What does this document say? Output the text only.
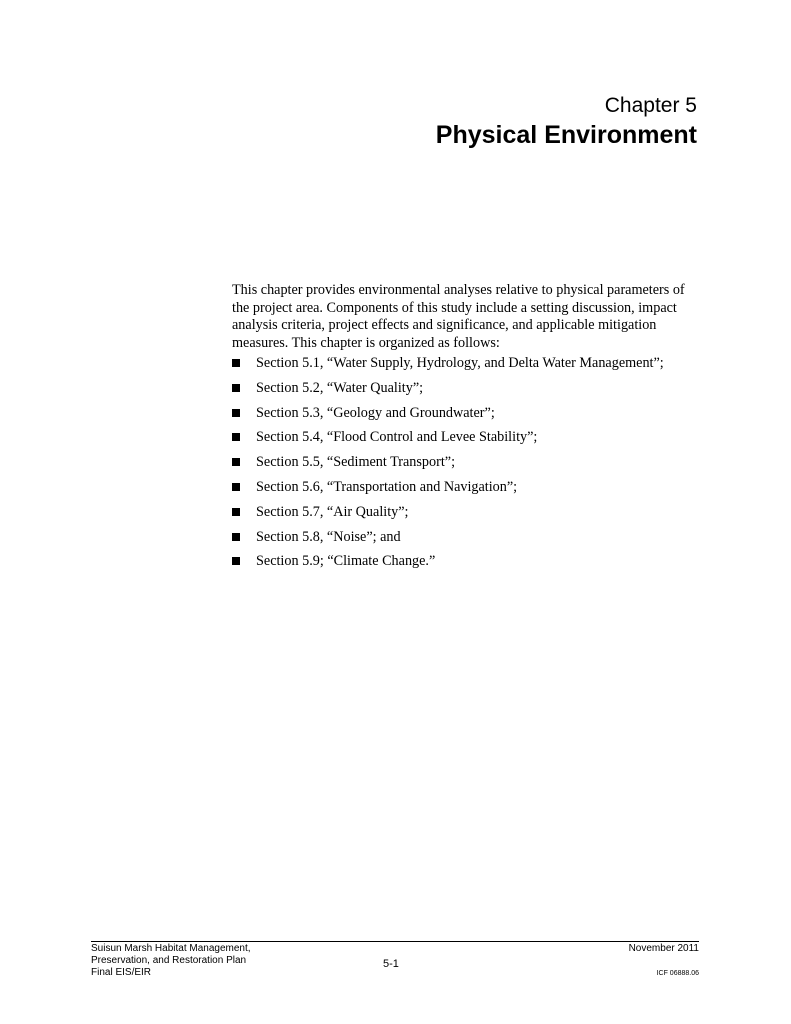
Chapter 5
Physical Environment
This chapter provides environmental analyses relative to physical parameters of
the project area. Components of this study include a setting discussion, impact
analysis criteria, project effects and significance, and applicable mitigation
measures. This chapter is organized as follows:
Section 5.1, “Water Supply, Hydrology, and Delta Water Management”;
Section 5.2, “Water Quality”;
Section 5.3, “Geology and Groundwater”;
Section 5.4, “Flood Control and Levee Stability”;
Section 5.5, “Sediment Transport”;
Section 5.6, “Transportation and Navigation”;
Section 5.7, “Air Quality”;
Section 5.8, “Noise”; and
Section 5.9; “Climate Change.”
Suisun Marsh Habitat Management,
Preservation, and Restoration Plan
Final EIS/EIR
5-1
November 2011
ICF 06888.06
